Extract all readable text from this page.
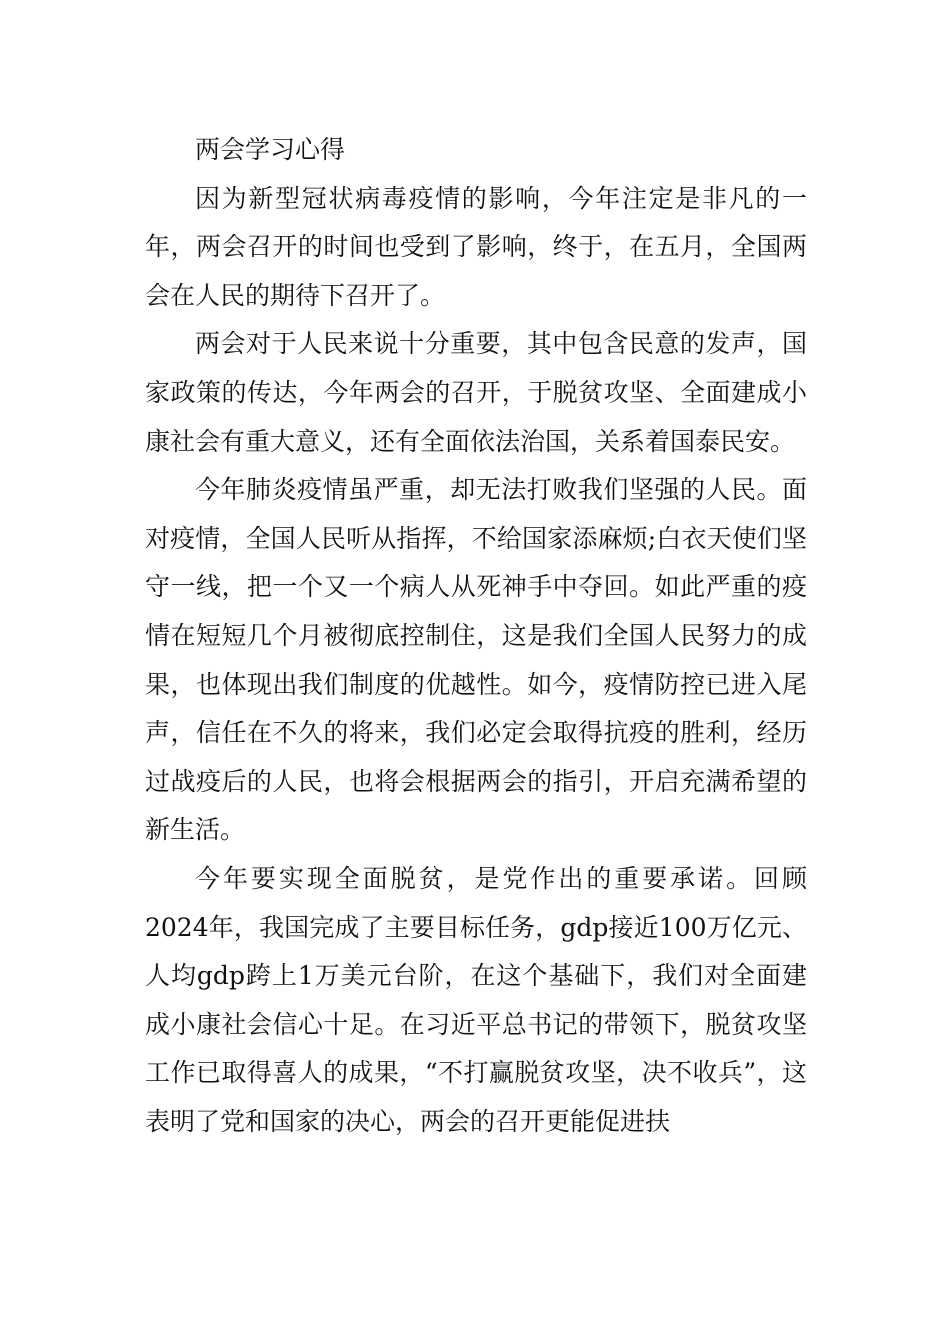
两会学习心得

因为新型冠状病毒疫情的影响，今年注定是非凡的一年，两会召开的时间也受到了影响，终于，在五月，全国两会在人民的期待下召开了。

两会对于人民来说十分重要，其中包含民意的发声，国家政策的传达，今年两会的召开，于脱贫攻坚、全面建成小康社会有重大意义，还有全面依法治国，关系着国泰民安。

今年肺炎疫情虽严重，却无法打败我们坚强的人民。面对疫情，全国人民听从指挥，不给国家添麻烦;白衣天使们坚守一线，把一个又一个病人从死神手中夺回。如此严重的疫情在短短几个月被彻底控制住，这是我们全国人民努力的成果，也体现出我们制度的优越性。如今，疫情防控已进入尾声，信任在不久的将来，我们必定会取得抗疫的胜利，经历过战疫后的人民，也将会根据两会的指引，开启充满希望的新生活。

今年要实现全面脱贫，是党作出的重要承诺。回顾2024年，我国完成了主要目标任务，gdp接近100万亿元、人均gdp跨上1万美元台阶，在这个基础下，我们对全面建成小康社会信心十足。在习近平总书记的带领下，脱贫攻坚工作已取得喜人的成果，“不打赢脱贫攻坚，决不收兵”，这表明了党和国家的决心，两会的召开更能促进扶
